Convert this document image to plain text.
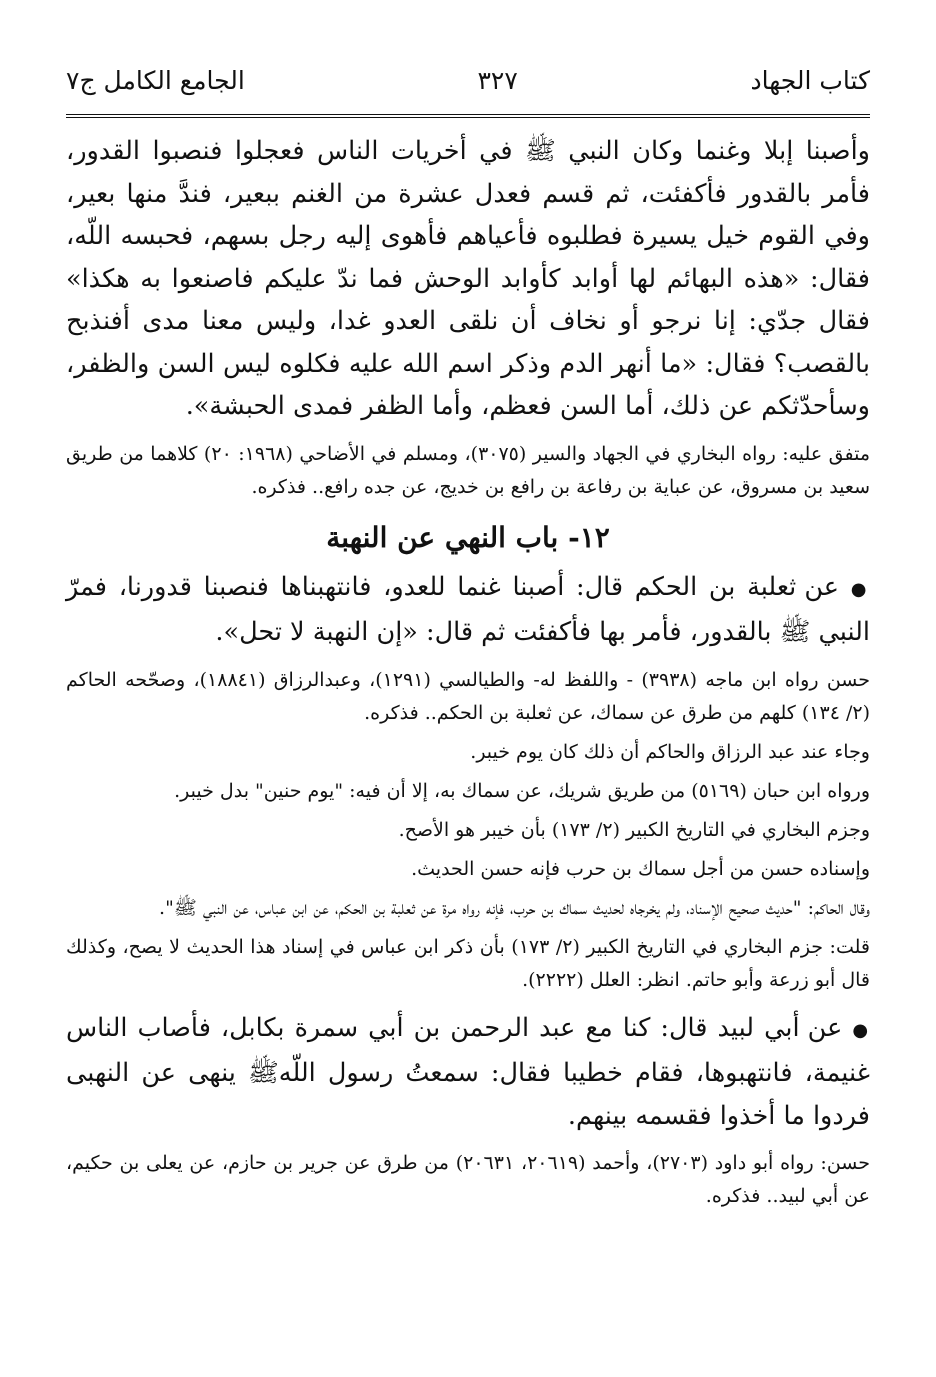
كتاب الجهاد
٣٢٧
الجامع الكامل ج٧

وأصبنا إبلا وغنما وكان النبي ﷺ في أخريات الناس فعجلوا فنصبوا القدور، فأمر بالقدور فأكفئت، ثم قسم فعدل عشرة من الغنم ببعير، فندَّ منها بعير، وفي القوم خيل يسيرة فطلبوه فأعياهم فأهوى إليه رجل بسهم، فحبسه اللّه، فقال: «هذه البهائم لها أوابد كأوابد الوحش فما ندّ عليكم فاصنعوا به هكذا» فقال جدّي: إنا نرجو أو نخاف أن نلقى العدو غدا، وليس معنا مدى أفنذبح بالقصب؟ فقال: «ما أنهر الدم وذكر اسم الله عليه فكلوه ليس السن والظفر، وسأحدّثكم عن ذلك، أما السن فعظم، وأما الظفر فمدى الحبشة».

متفق عليه: رواه البخاري في الجهاد والسير (٣٠٧٥)، ومسلم في الأضاحي (١٩٦٨: ٢٠) كلاهما من طريق سعيد بن مسروق، عن عباية بن رفاعة بن رافع بن خديج، عن جده رافع.. فذكره.

١٢- باب النهي عن النهبة

● عن ثعلبة بن الحكم قال: أصبنا غنما للعدو، فانتهبناها فنصبنا قدورنا، فمرّ النبي ﷺ بالقدور، فأمر بها فأكفئت ثم قال: «إن النهبة لا تحل».

حسن رواه ابن ماجه (٣٩٣٨) - واللفظ له- والطيالسي (١٢٩١)، وعبدالرزاق (١٨٨٤١)، وصحّحه الحاكم (٢/ ١٣٤) كلهم من طرق عن سماك، عن ثعلبة بن الحكم.. فذكره.

وجاء عند عبد الرزاق والحاكم أن ذلك كان يوم خيبر.

ورواه ابن حبان (٥١٦٩) من طريق شريك، عن سماك به، إلا أن فيه: "يوم حنين" بدل خيبر.

وجزم البخاري في التاريخ الكبير (٢/ ١٧٣) بأن خيبر هو الأصح.

وإسناده حسن من أجل سماك بن حرب فإنه حسن الحديث.

وقال الحاكم: "حديث صحيح الإسناد، ولم يخرجاه لحديث سماك بن حرب، فإنه رواه مرة عن ثعلبة بن الحكم، عن ابن عباس، عن النبي ﷺ".

قلت: جزم البخاري في التاريخ الكبير (٢/ ١٧٣) بأن ذكر ابن عباس في إسناد هذا الحديث لا يصح، وكذلك قال أبو زرعة وأبو حاتم. انظر: العلل (٢٢٢٢).

● عن أبي لبيد قال: كنا مع عبد الرحمن بن أبي سمرة بكابل، فأصاب الناس غنيمة، فانتهبوها، فقام خطيبا فقال: سمعتُ رسول اللّهﷺ ينهى عن النهبى فردوا ما أخذوا فقسمه بينهم.

حسن: رواه أبو داود (٢٧٠٣)، وأحمد (٢٠٦١٩، ٢٠٦٣١) من طرق عن جرير بن حازم، عن يعلى بن حكيم، عن أبي لبيد.. فذكره.
